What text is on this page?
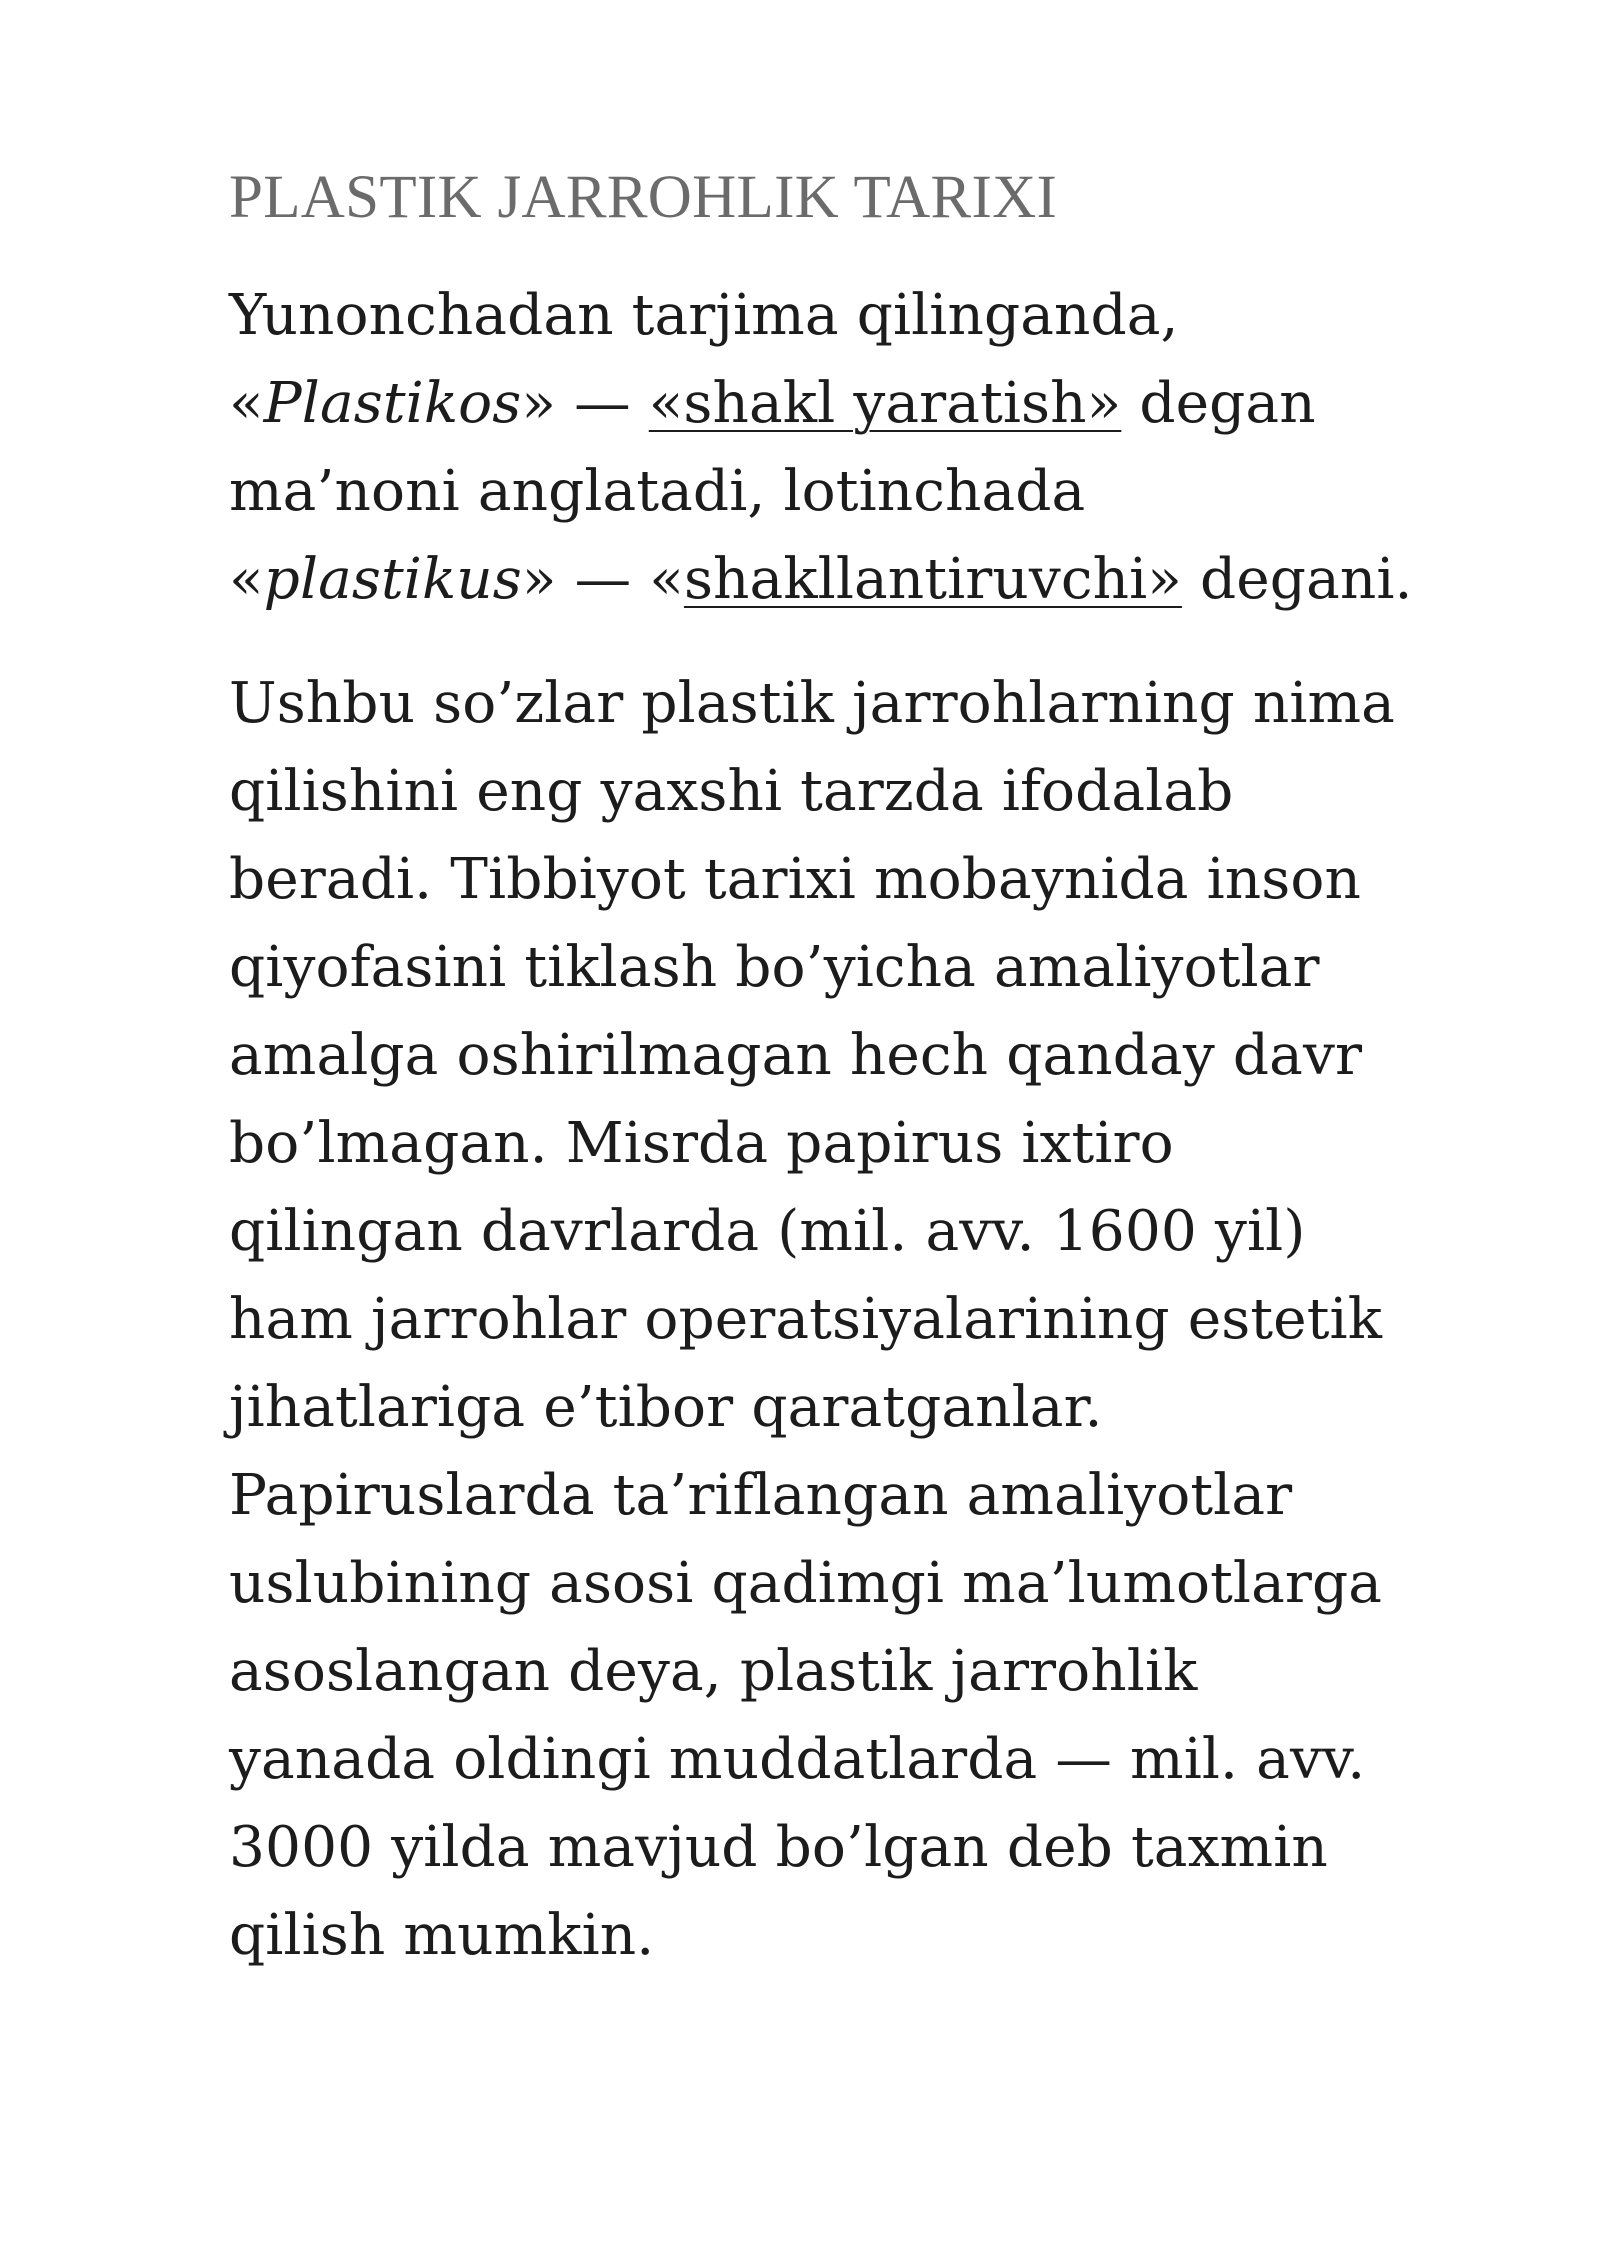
PLASTIK JARROHLIK TARIXI

Yunonchadan tarjima qilinganda,
«Plastikos» — «shakl yaratish» degan
ma’noni anglatadi, lotinchada
«plastikus» — «shakllantiruvchi» degani.

Ushbu so’zlar plastik jarrohlarning nima
qilishini eng yaxshi tarzda ifodalab
beradi. Tibbiyot tarixi mobaynida inson
qiyofasini tiklash bo’yicha amaliyotlar
amalga oshirilmagan hech qanday davr
bo’lmagan. Misrda papirus ixtiro
qilingan davrlarda (mil. avv. 1600 yil)
ham jarrohlar operatsiyalarining estetik
jihatlariga e’tibor qaratganlar.
Papiruslarda ta’riflangan amaliyotlar
uslubining asosi qadimgi ma’lumotlarga
asoslangan deya, plastik jarrohlik
yanada oldingi muddatlarda — mil. avv.
3000 yilda mavjud bo’lgan deb taxmin
qilish mumkin.
